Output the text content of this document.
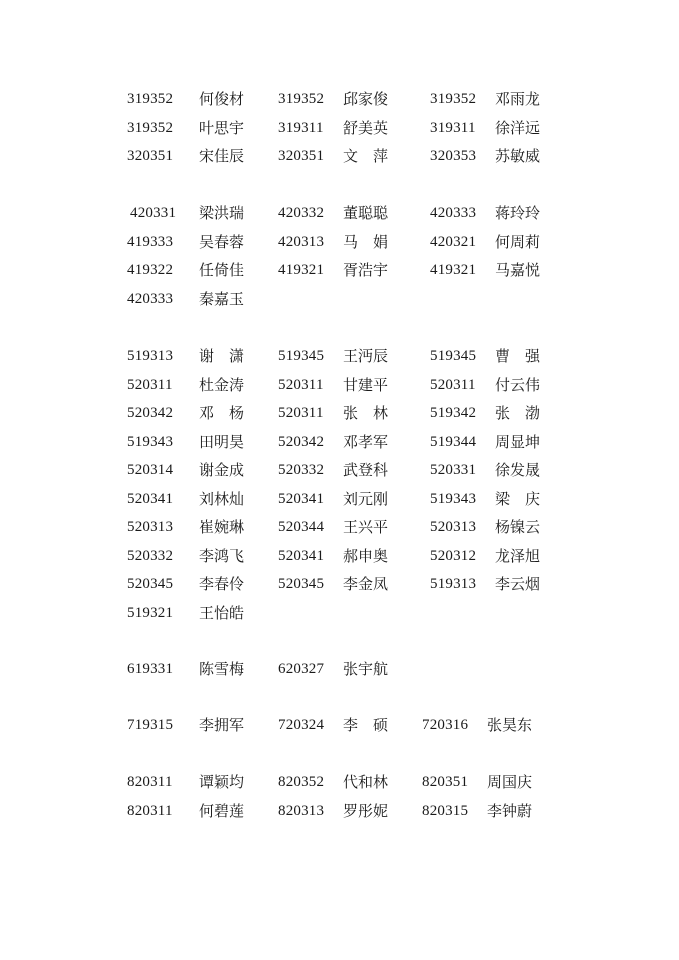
319352 何俊材 319352 邱家俊	319352 邓雨龙
319352 叶思宇 319311 舒美英	319311 徐洋远
320351 宋佳辰 320351 文　萍	320353 苏敏威
420331 梁洪瑞 420332 董聪聪	420333 蒋玲玲
419333 吴春蓉 420313 马　娟	420321 何周莉
419322 任倚佳 419321 胥浩宇	419321 马嘉悦
420333 秦嘉玉
519313 谢　潇 519345 王沔辰	519345 曹　强
520311 杜金涛 520311 甘建平	520311 付云伟
520342 邓　杨 520311 张　林	519342 张　渤
519343 田明昊 520342 邓孝军	519344 周显坤
520314 谢金成 520332 武登科	520331 徐发晟
520341 刘林灿 520341 刘元刚	519343 梁　庆
520313 崔婉琳 520344 王兴平	520313 杨镍云
520332 李鸿飞 520341 郝申奥	520312 龙泽旭
520345 李春伶 520345 李金凤	519313 李云烟
519321 王怡皓
619331 陈雪梅 620327 张宇航
719315 李拥军 720324 李　硕 720316 张昊东
820311 谭颖均 820352 代和林 820351 周国庆
820311 何碧莲 820313 罗彤妮 820315 李钟蔚
